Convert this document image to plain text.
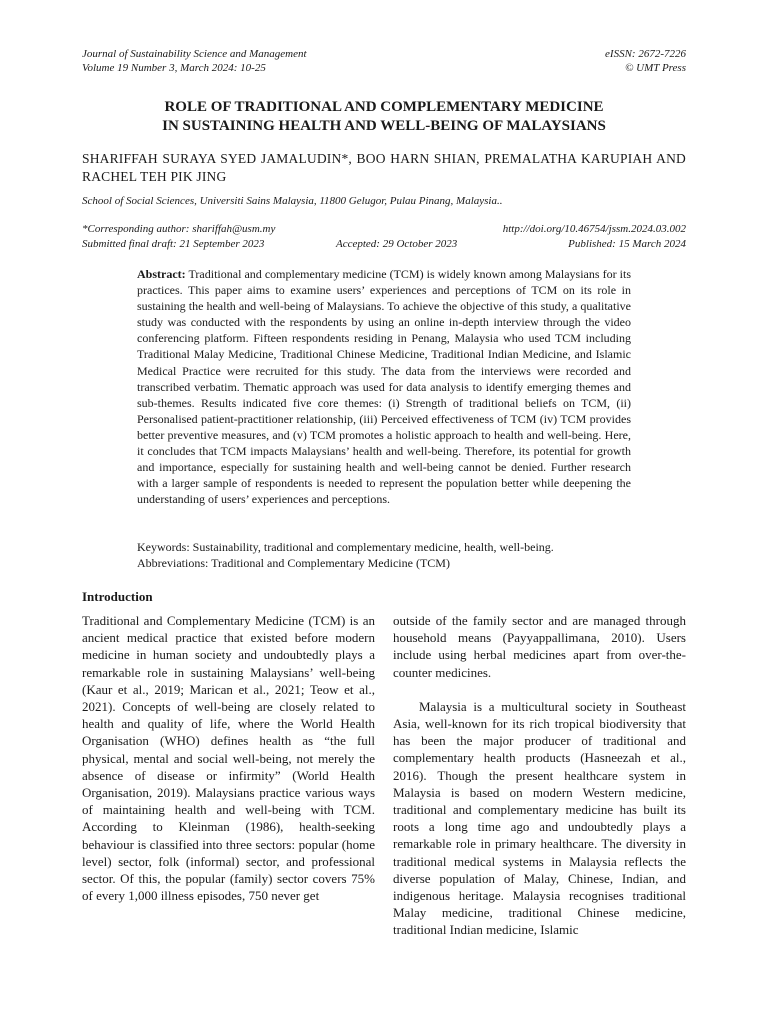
Journal of Sustainability Science and Management
Volume 19 Number 3, March 2024: 10-25
eISSN: 2672-7226
© UMT Press
ROLE OF TRADITIONAL AND COMPLEMENTARY MEDICINE
IN SUSTAINING HEALTH AND WELL-BEING OF MALAYSIANS
SHARIFFAH SURAYA SYED JAMALUDIN*, BOO HARN SHIAN, PREMALATHA KARUPIAH AND RACHEL TEH PIK JING
School of Social Sciences, Universiti Sains Malaysia, 11800 Gelugor, Pulau Pinang, Malaysia..
*Corresponding author: shariffah@usm.my	http://doi.org/10.46754/jssm.2024.03.002
Submitted final draft: 21 September 2023	Accepted: 29 October 2023	Published: 15 March 2024
Abstract: Traditional and complementary medicine (TCM) is widely known among Malaysians for its practices. This paper aims to examine users’ experiences and perceptions of TCM on its role in sustaining the health and well-being of Malaysians. To achieve the objective of this study, a qualitative study was conducted with the respondents by using an online in-depth interview through the video conferencing platform. Fifteen respondents residing in Penang, Malaysia who used TCM including Traditional Malay Medicine, Traditional Chinese Medicine, Traditional Indian Medicine, and Islamic Medical Practice were recruited for this study. The data from the interviews were recorded and transcribed verbatim. Thematic approach was used for data analysis to identify emerging themes and sub-themes. Results indicated five core themes: (i) Strength of traditional beliefs on TCM, (ii) Personalised patient-practitioner relationship, (iii) Perceived effectiveness of TCM (iv) TCM provides better preventive measures, and (v) TCM promotes a holistic approach to health and well-being. Here, it concludes that TCM impacts Malaysians’ health and well-being. Therefore, its potential for growth and importance, especially for sustaining health and well-being cannot be denied. Further research with a larger sample of respondents is needed to represent the population better while deepening the understanding of users’ experiences and perceptions.
Keywords: Sustainability, traditional and complementary medicine, health, well-being.
Abbreviations: Traditional and Complementary Medicine (TCM)
Introduction

Traditional and Complementary Medicine (TCM) is an ancient medical practice that existed before modern medicine in human society and undoubtedly plays a remarkable role in sustaining Malaysians’ well-being (Kaur et al., 2019; Marican et al., 2021; Teow et al., 2021). Concepts of well-being are closely related to health and quality of life, where the World Health Organisation (WHO) defines health as “the full physical, mental and social well-being, not merely the absence of disease or infirmity” (World Health Organisation, 2019). Malaysians practice various ways of maintaining health and well-being with TCM. According to Kleinman (1986), health-seeking behaviour is classified into three sectors: popular (home level) sector, folk (informal) sector, and professional sector. Of this, the popular (family) sector covers 75% of every 1,000 illness episodes, 750 never get

outside of the family sector and are managed through household means (Payyappallimana, 2010). Users include using herbal medicines apart from over-the-counter medicines.

Malaysia is a multicultural society in Southeast Asia, well-known for its rich tropical biodiversity that has been the major producer of traditional and complementary health products (Hasneezah et al., 2016). Though the present healthcare system in Malaysia is based on modern Western medicine, traditional and complementary medicine has built its roots a long time ago and undoubtedly plays a remarkable role in primary healthcare. The diversity in traditional medical systems in Malaysia reflects the diverse population of Malay, Chinese, Indian, and indigenous heritage. Malaysia recognises traditional Malay medicine, traditional Chinese medicine, traditional Indian medicine, Islamic
